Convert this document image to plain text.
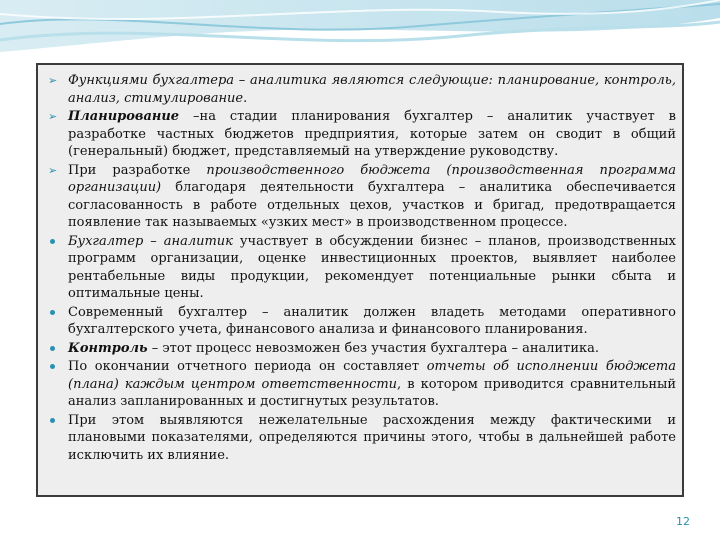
➢ Функциями бухгалтера – аналитика являются следующие: планирование, контроль, анализ, стимулирование.
➢ Планирование –на стадии планирования бухгалтер – аналитик участвует в разработке частных бюджетов предприятия, которые затем он сводит в общий (генеральный) бюджет, представляемый на утверждение руководству.
➢ При разработке производственного бюджета (производственная программа организации) благодаря деятельности бухгалтера – аналитика обеспечивается согласованность в работе отдельных цехов, участков и бригад, предотвращается появление так называемых «узких мест» в производственном процессе.
Бухгалтер – аналитик участвует в обсуждении бизнес – планов, производственных программ организации, оценке инвестиционных проектов, выявляет наиболее рентабельные виды продукции, рекомендует потенциальные рынки сбыта и оптимальные цены.
Современный бухгалтер – аналитик должен владеть методами оперативного бухгалтерского учета, финансового анализа и финансового планирования.
Контроль – этот процесс невозможен без участия бухгалтера – аналитика.
По окончании отчетного периода он составляет отчеты об исполнении бюджета (плана) каждым центром ответственности, в котором приводится сравнительный анализ запланированных и достигнутых результатов.
При этом выявляются нежелательные расхождения между фактическими и плановыми показателями, определяются причины этого, чтобы в дальнейшей работе исключить их влияние.
12
